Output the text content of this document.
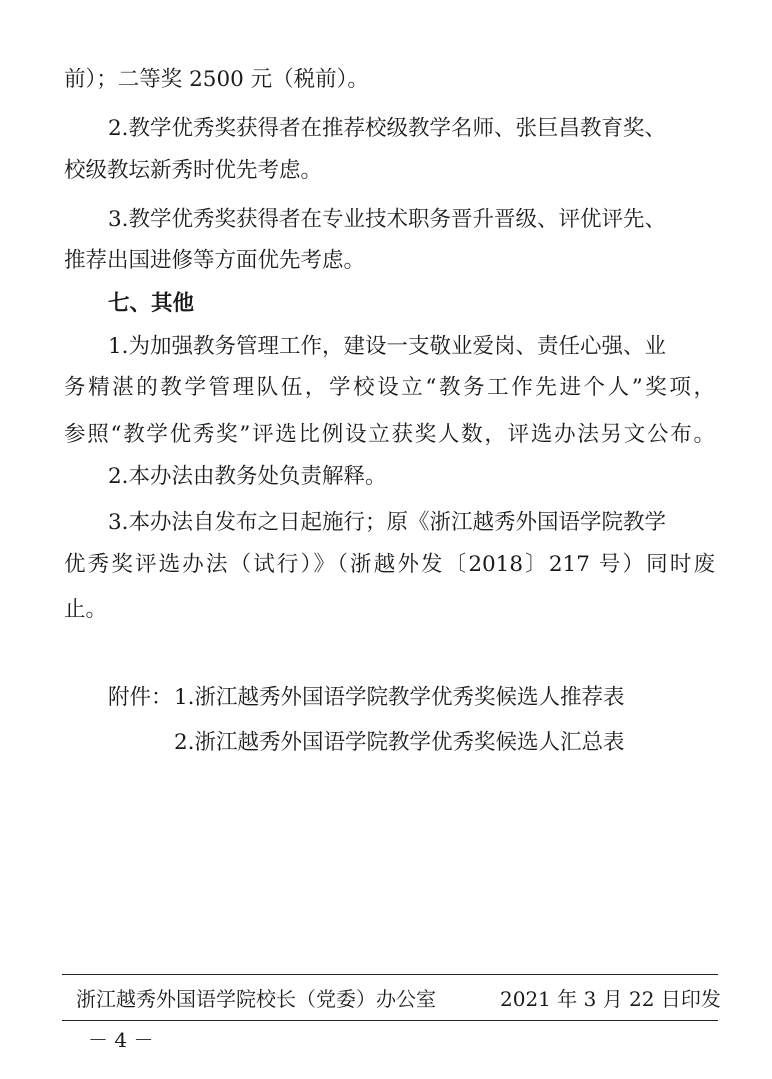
前）；二等奖 2500 元（税前）。
2.教学优秀奖获得者在推荐校级教学名师、张巨昌教育奖、
校级教坛新秀时优先考虑。
3.教学优秀奖获得者在专业技术职务晋升晋级、评优评先、
推荐出国进修等方面优先考虑。
七、其他
1.为加强教务管理工作，建设一支敬业爱岗、责任心强、业
务精湛的教学管理队伍，学校设立“教务工作先进个人”奖项，
参照“教学优秀奖”评选比例设立获奖人数，评选办法另文公布。
2.本办法由教务处负责解释。
3.本办法自发布之日起施行；原《浙江越秀外国语学院教学
优秀奖评选办法（试行）》（浙越外发〔2018〕217 号）同时废
止。
附件： 1.浙江越秀外国语学院教学优秀奖候选人推荐表
2.浙江越秀外国语学院教学优秀奖候选人汇总表
浙江越秀外国语学院校长（党委）办公室	2021 年 3 月 22 日印发
－ 4 －
